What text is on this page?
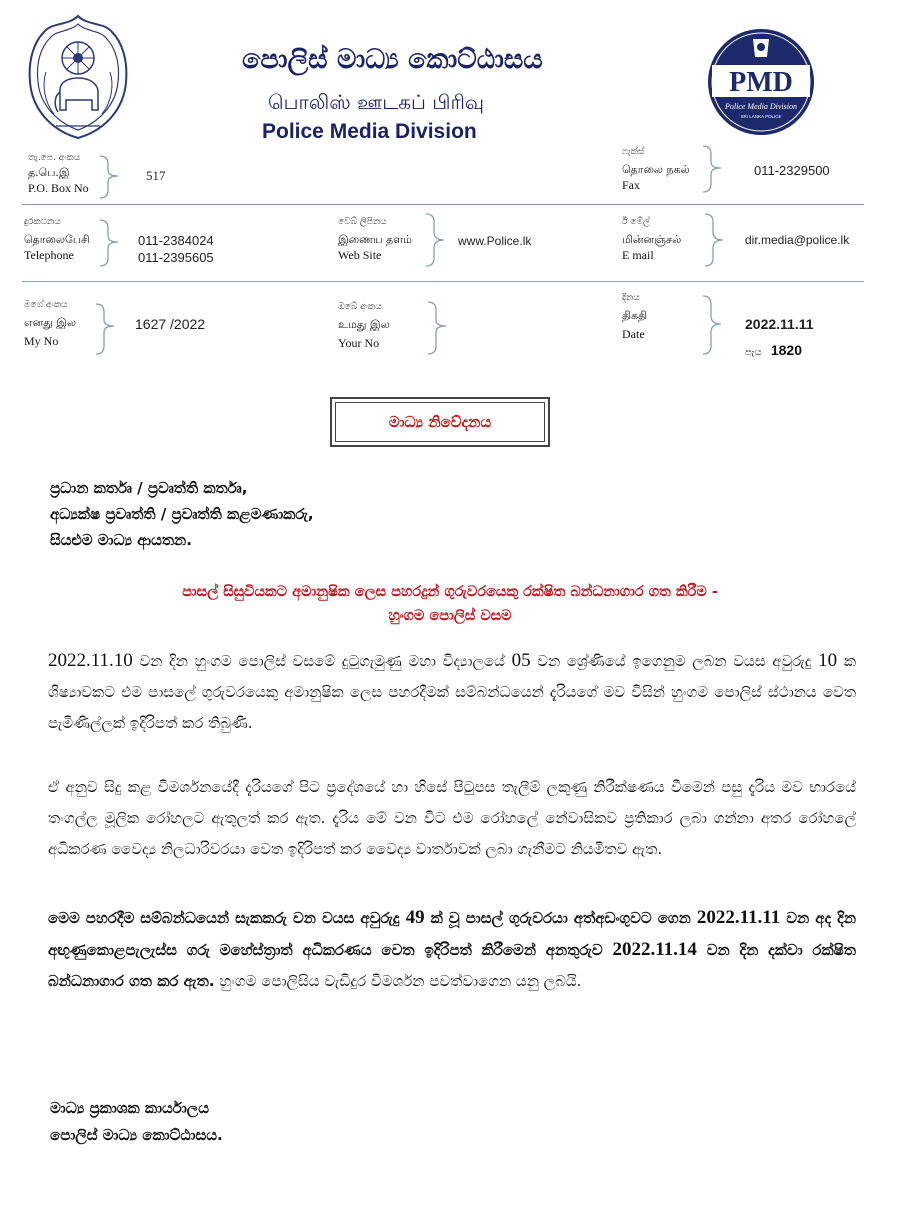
පොලිස් මාධ්‍ය කොට්ඨාසය
பொலிஸ் ஊடகப் பிரிவு
Police Media Division
PMD
Police Media Division
SRI LANKA POLICE
තැ.පෙ. අංකය
த.பெ.இ
P.O. Box No
517
ෆැක්ස්
தொலை நகல்
Fax
011-2329500
දුරකථනය
தொலைபேசி
Telephone
011-2384024
011-2395605
වෙබ් ලිපිනය
இணைய தளம்
Web Site
www.Police.lk
ඊ මේල්
மின்னஞ்சல்
E mail
dir.media@police.lk
මගේ අංකය
எனது இல
My No
1627 /2022
ඔබේ අංකය
உமது இல
Your No
දිනය
திகதி
Date
2022.11.11
පැය 1820
මාධ්‍ය නිවේදනය
ප්‍රධාන කර්තෘ / ප්‍රවෘත්ති කර්තෘ,
අධ්‍යක්ෂ ප්‍රවෘත්ති / ප්‍රවෘත්ති කළමණාකරු,
සියළුම මාධ්‍ය ආයතන.
පාසල් සිසුවියකට අමානුෂික ලෙස පහරදුන් ගුරුවරයෙකු රක්ෂිත බන්ධනාගාර ගත කිරීම -
හුංගම පොලිස් වසම
2022.11.10 වන දින හුංගම පොලිස් වසමේ දුටුගැමුණු මහා විද්‍යාලයේ 05 වන ශ්‍රේණියේ ඉගෙනුම ලබන වයස අවුරුදු 10 ක ශිෂ්‍යාවකට එම පාසලේ ගුරුවරයෙකු අමානුෂික ලෙස පහරදීමක් සම්බන්ධයෙන් දැරියගේ මව විසින් හුංගම පොලිස් ස්ථානය වෙත පැමිණිල්ලක් ඉදිරිපත් කර තිබුණි.
ඒ අනුව සිදු කළ විමර්ශනයේදී දැරියගේ පිට ප්‍රදේශයේ හා හිසේ පිටුපස තැලීම් ලකුණු නිරීක්ෂණය වීමෙන් පසු දැරිය මව භාරයේ තංගල්ල මූලික රෝහලට ඇතුලත් කර ඇත. දැරිය මේ වන විට එම රෝහලේ නේවාසිකව ප්‍රතිකාර ලබා ගන්නා අතර රෝහලේ අධිකරණ වෛද්‍ය නිලධාරිවරයා වෙත ඉදිරිපත් කර වෛද්‍ය වාර්තාවක් ලබා ගැනීමට නියමිතව ඇත.
මෙම පහරදීම සම්බන්ධයෙන් සැකකරු වන වයස අවුරුදු 49 ක් වූ පාසල් ගුරුවරයා අත්අඩංගුවට ගෙන 2022.11.11 වන අද දින අඟුණුකොළපැලැස්ස ගරු මහේස්ත්‍රාත් අධිකරණය වෙත ඉදිරිපත් කිරීමෙන් අනතුරුව 2022.11.14 වන දින දක්වා රක්ෂිත බන්ධනාගාර ගත කර ඇත. හුංගම පොලිසිය වැඩිදුර විමර්ශන පවත්වාගෙන යනු ලබයි.
මාධ්‍ය ප්‍රකාශක කාර්යාලය
පොලිස් මාධ්‍ය කොට්ඨාසය.
